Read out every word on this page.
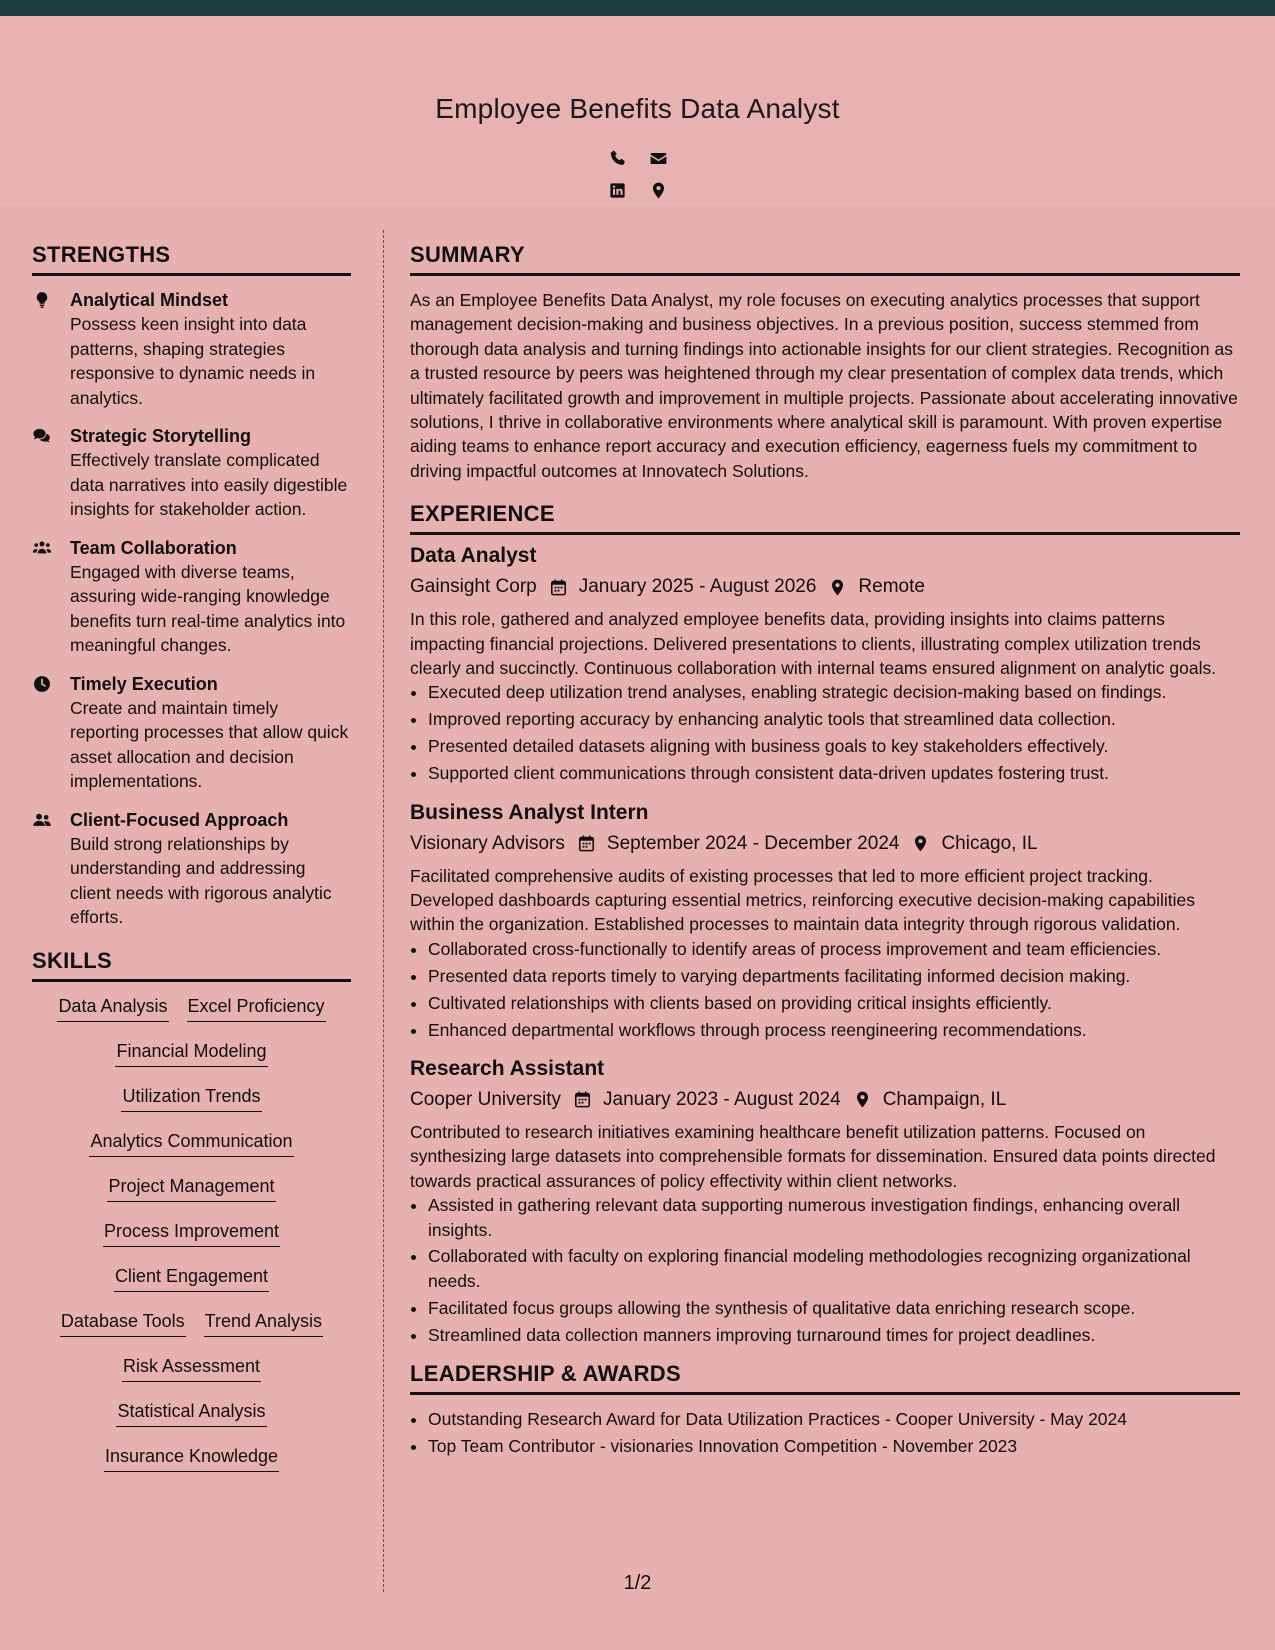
Employee Benefits Data Analyst
STRENGTHS
Analytical Mindset
Possess keen insight into data patterns, shaping strategies responsive to dynamic needs in analytics.
Strategic Storytelling
Effectively translate complicated data narratives into easily digestible insights for stakeholder action.
Team Collaboration
Engaged with diverse teams, assuring wide-ranging knowledge benefits turn real-time analytics into meaningful changes.
Timely Execution
Create and maintain timely reporting processes that allow quick asset allocation and decision implementations.
Client-Focused Approach
Build strong relationships by understanding and addressing client needs with rigorous analytic efforts.
SKILLS
Data Analysis Excel Proficiency
Financial Modeling
Utilization Trends
Analytics Communication
Project Management
Process Improvement
Client Engagement
Database Tools Trend Analysis
Risk Assessment
Statistical Analysis
Insurance Knowledge
SUMMARY

As an Employee Benefits Data Analyst, my role focuses on executing analytics processes that support management decision-making and business objectives. In a previous position, success stemmed from thorough data analysis and turning findings into actionable insights for our client strategies. Recognition as a trusted resource by peers was heightened through my clear presentation of complex data trends, which ultimately facilitated growth and improvement in multiple projects. Passionate about accelerating innovative solutions, I thrive in collaborative environments where analytical skill is paramount. With proven expertise aiding teams to enhance report accuracy and execution efficiency, eagerness fuels my commitment to driving impactful outcomes at Innovatech Solutions.

EXPERIENCE
Data Analyst
Gainsight Corp January 2025 - August 2026 Remote
In this role, gathered and analyzed employee benefits data, providing insights into claims patterns impacting financial projections. Delivered presentations to clients, illustrating complex utilization trends clearly and succinctly. Continuous collaboration with internal teams ensured alignment on analytic goals.
• Executed deep utilization trend analyses, enabling strategic decision-making based on findings.
• Improved reporting accuracy by enhancing analytic tools that streamlined data collection.
• Presented detailed datasets aligning with business goals to key stakeholders effectively.
• Supported client communications through consistent data-driven updates fostering trust.
Business Analyst Intern
Visionary Advisors September 2024 - December 2024 Chicago, IL
Facilitated comprehensive audits of existing processes that led to more efficient project tracking. Developed dashboards capturing essential metrics, reinforcing executive decision-making capabilities within the organization. Established processes to maintain data integrity through rigorous validation.
• Collaborated cross-functionally to identify areas of process improvement and team efficiencies.
• Presented data reports timely to varying departments facilitating informed decision making.
• Cultivated relationships with clients based on providing critical insights efficiently.
• Enhanced departmental workflows through process reengineering recommendations.
Research Assistant
Cooper University January 2023 - August 2024 Champaign, IL
Contributed to research initiatives examining healthcare benefit utilization patterns. Focused on synthesizing large datasets into comprehensible formats for dissemination. Ensured data points directed towards practical assurances of policy effectivity within client networks.
• Assisted in gathering relevant data supporting numerous investigation findings, enhancing overall insights.
• Collaborated with faculty on exploring financial modeling methodologies recognizing organizational needs.
• Facilitated focus groups allowing the synthesis of qualitative data enriching research scope.
• Streamlined data collection manners improving turnaround times for project deadlines.
LEADERSHIP & AWARDS
• Outstanding Research Award for Data Utilization Practices - Cooper University - May 2024
• Top Team Contributor - visionaries Innovation Competition - November 2023
1/2
